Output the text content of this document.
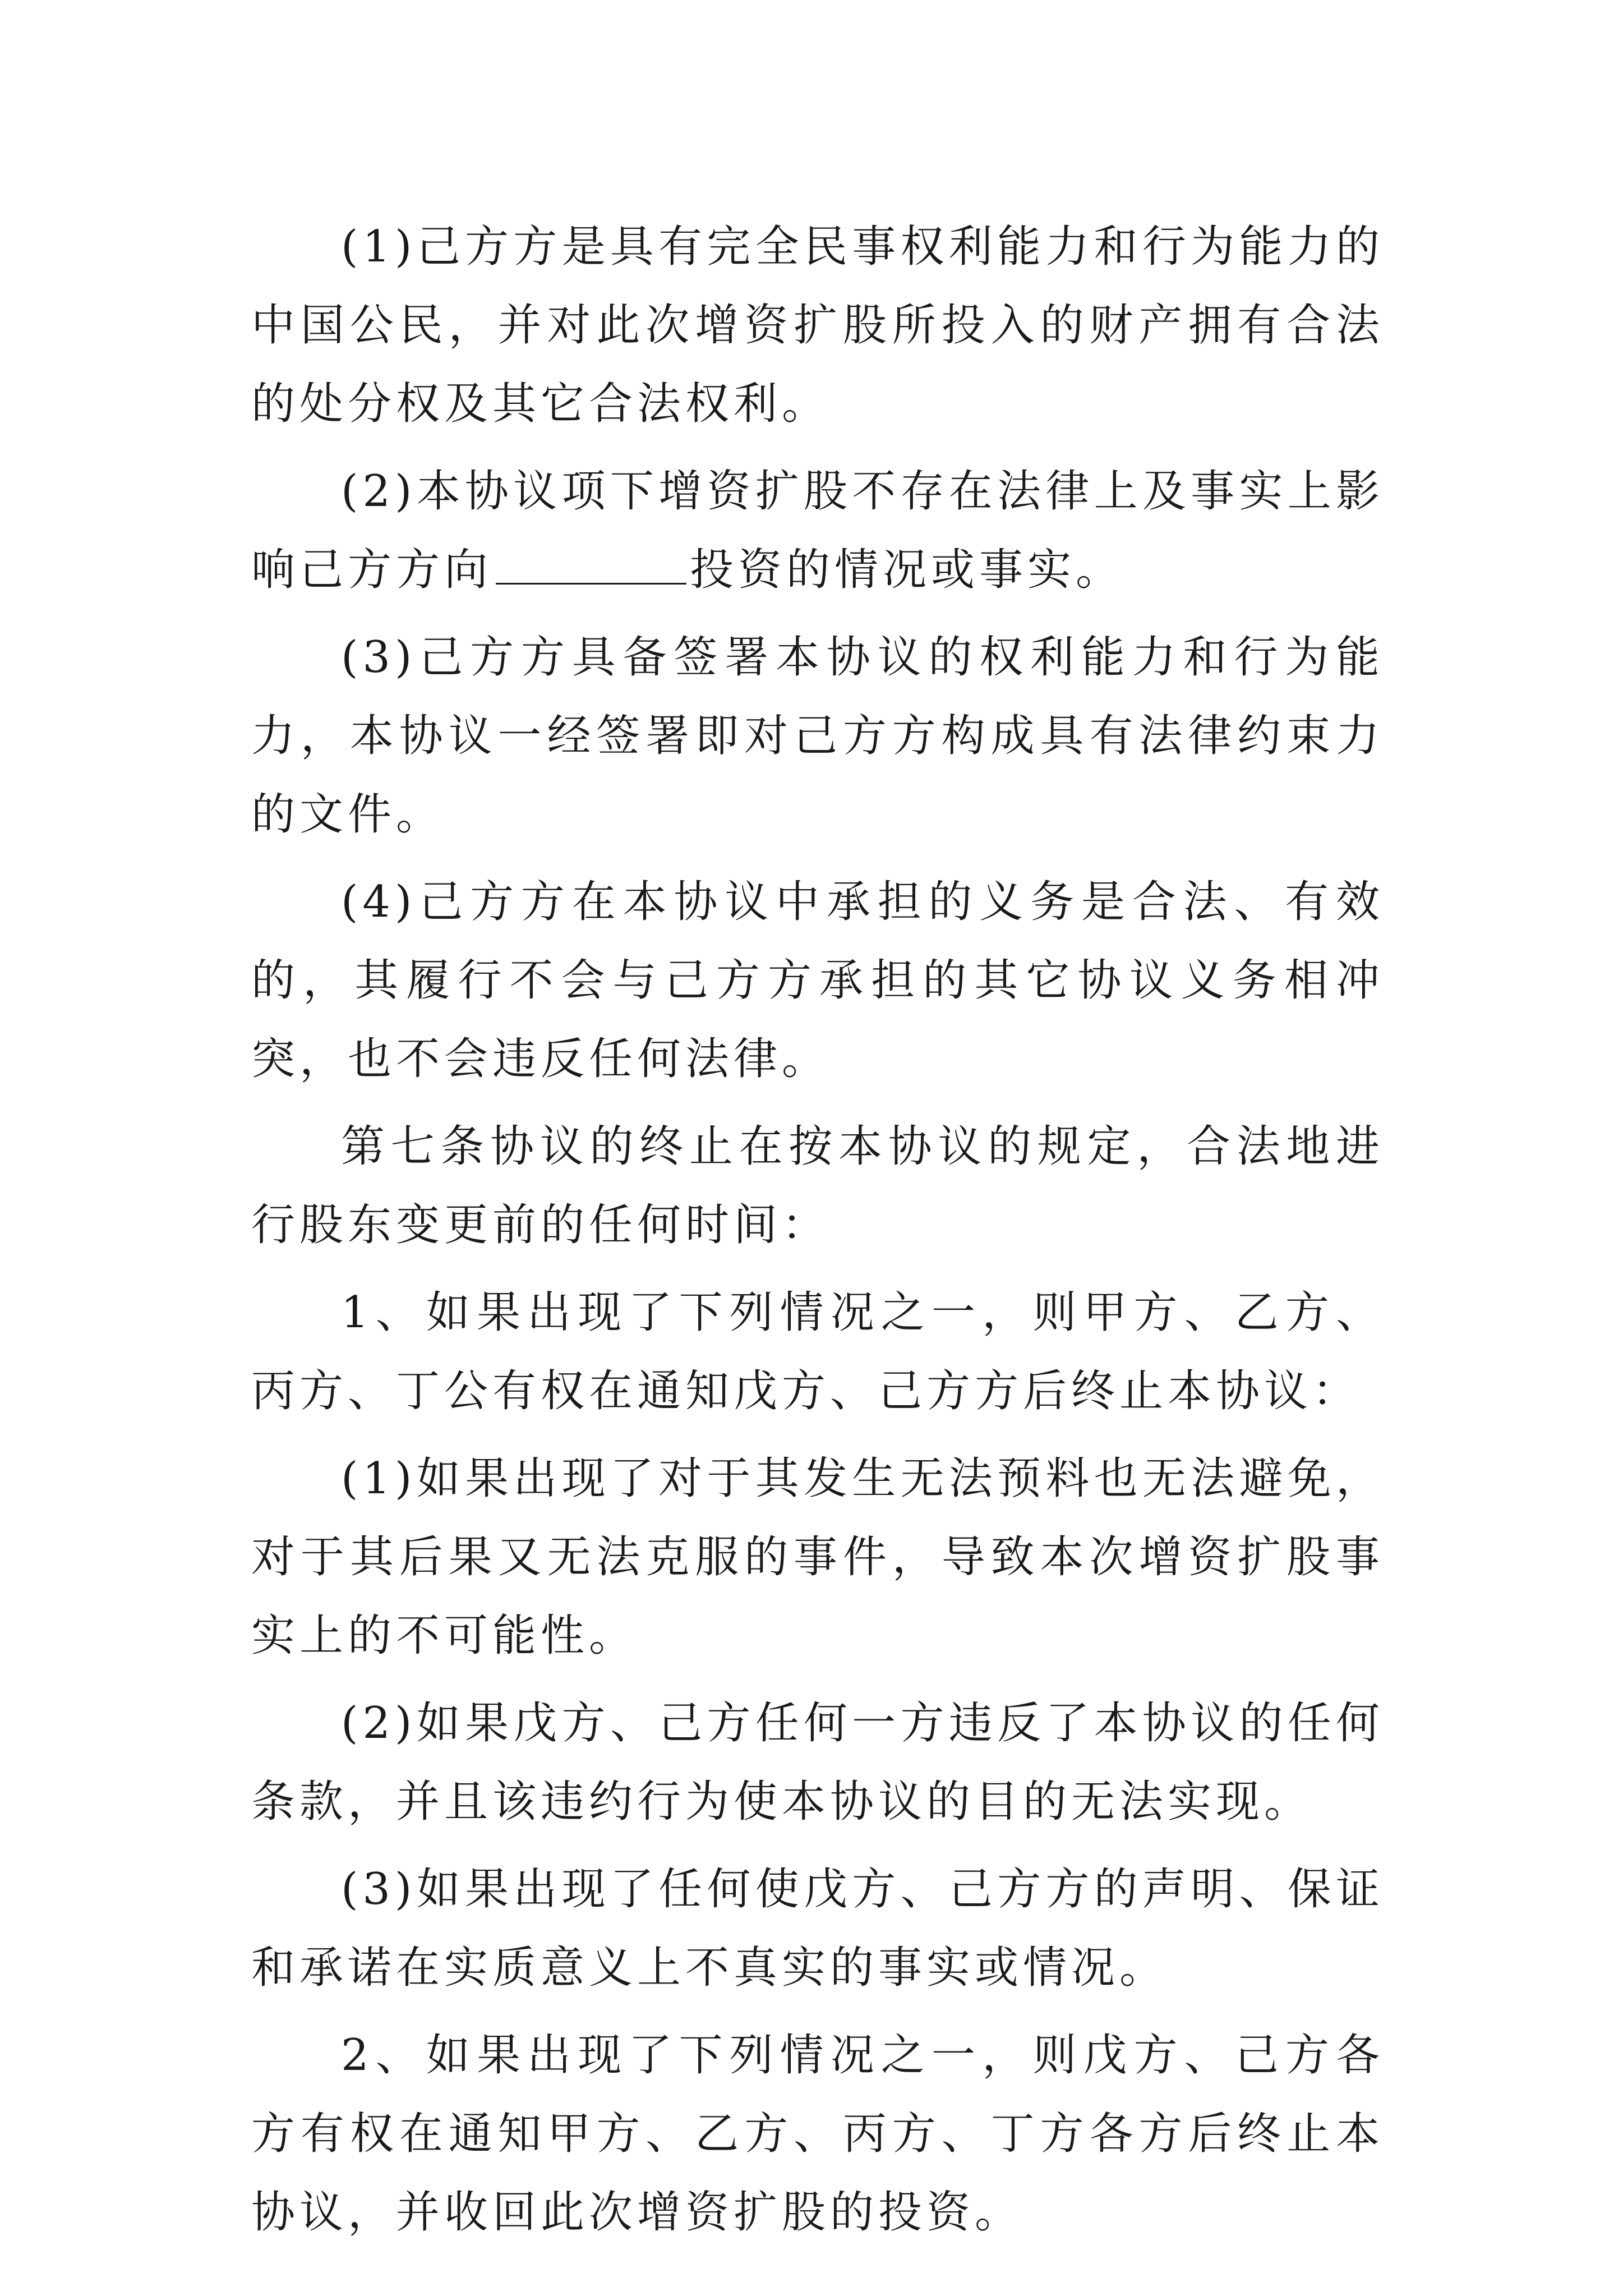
(1)己方方是具有完全民事权利能力和行为能力的中国公民，并对此次增资扩股所投入的财产拥有合法的处分权及其它合法权利。

(2)本协议项下增资扩股不存在法律上及事实上影响己方方向	投资的情况或事实。

(3)己方方具备签署本协议的权利能力和行为能力，本协议一经签署即对己方方构成具有法律约束力的文件。

(4)己方方在本协议中承担的义务是合法、有效的，其履行不会与己方方承担的其它协议义务相冲突，也不会违反任何法律。

第七条协议的终止在按本协议的规定，合法地进行股东变更前的任何时间：

1、如果出现了下列情况之一，则甲方、乙方、丙方、丁公有权在通知戊方、己方方后终止本协议：

(1)如果出现了对于其发生无法预料也无法避免，对于其后果又无法克服的事件，导致本次增资扩股事实上的不可能性。

(2)如果戊方、己方任何一方违反了本协议的任何条款，并且该违约行为使本协议的目的无法实现。

(3)如果出现了任何使戊方、己方方的声明、保证和承诺在实质意义上不真实的事实或情况。

2、如果出现了下列情况之一，则戊方、己方各方有权在通知甲方、乙方、丙方、丁方各方后终止本协议，并收回此次增资扩股的投资。
